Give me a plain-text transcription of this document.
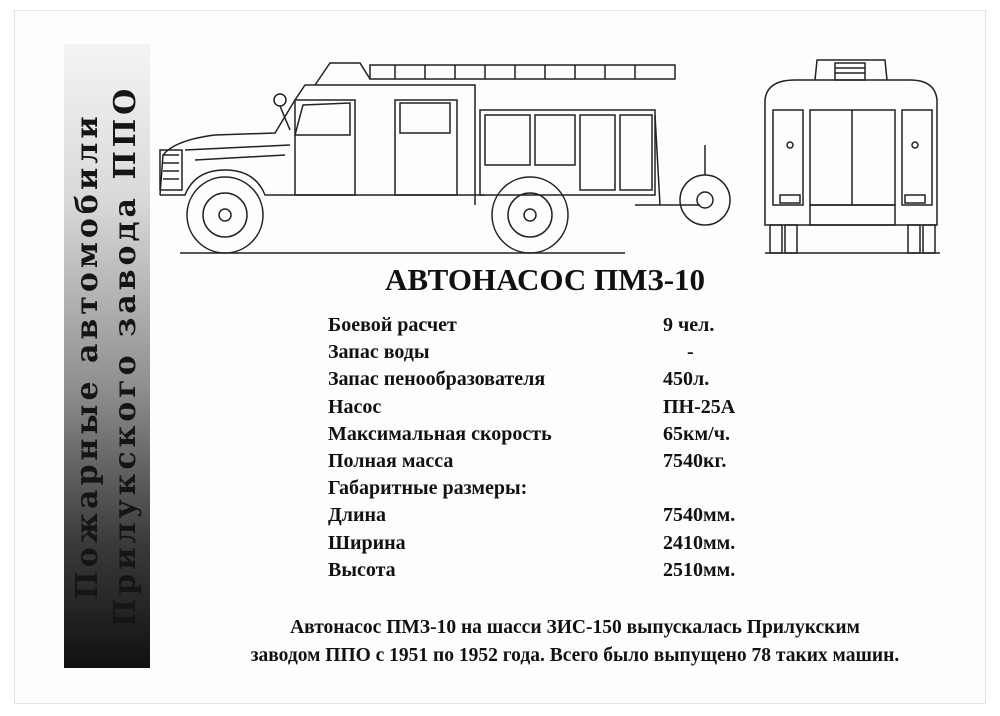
Пожарные автомобили Прилукского завода ППО	АВТОНАСОС ПМЗ-10
Боевой расчет	9 чел.
Запас воды	-
Запас пенообразователя	450л.
Насос	ПН-25А
Максимальная скорость	65км/ч.
Полная масса	7540кг.
Габаритные размеры:	
Длина	7540мм.
Ширина	2410мм.
Высота	2510мм.
Автонасос ПМЗ-10 на шасси ЗИС-150 выпускалась Прилукским
заводом ППО с 1951 по 1952 года. Всего было выпущено 78 таких машин.
